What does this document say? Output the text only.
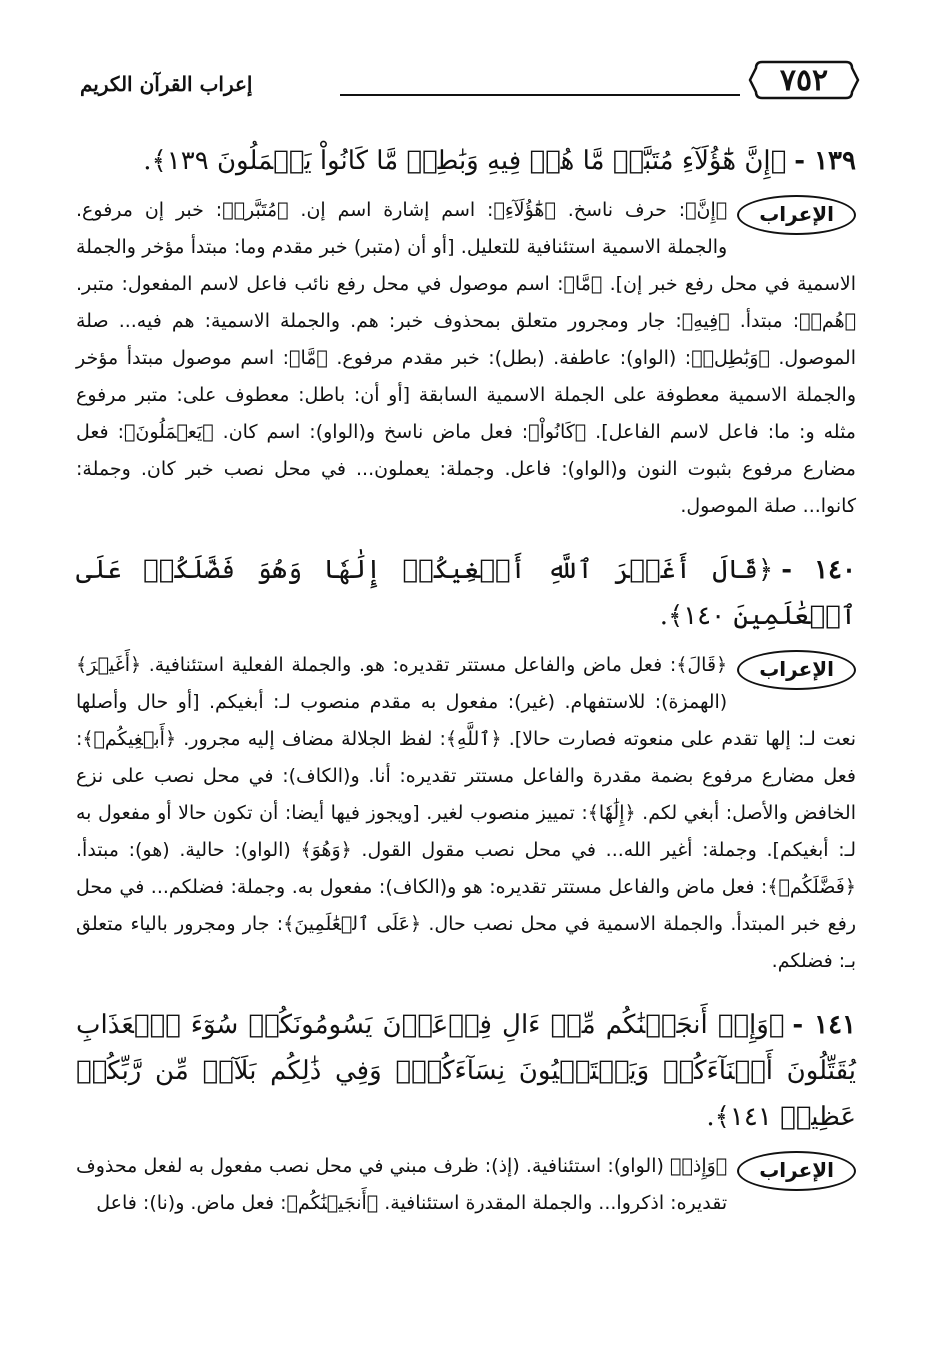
إعراب القرآن الكريم	٧٥٢
١٣٩ -﴿إِنَّ هَٰٓؤُلَآءِ مُتَبَّرٞ مَّا هُمۡ فِيهِ وَبَٰطِلٞ مَّا كَانُواْ يَعۡمَلُونَ ١٣٩﴾.
الإعراب
﴿إِنَّ﴾: حرف ناسخ. ﴿هَٰٓؤُلَآءِ﴾: اسم إشارة اسم إن. ﴿مُتَبَّرٞ﴾: خبر إن مرفوع. والجملة الاسمية استئنافية للتعليل. [أو أن (متبر) خبر مقدم وما: مبتدأ مؤخر والجملة الاسمية في محل رفع خبر إن]. ﴿مَّا﴾: اسم موصول في محل رفع نائب فاعل لاسم المفعول: متبر. ﴿هُمۡ﴾: مبتدأ. ﴿فِيهِ﴾: جار ومجرور متعلق بمحذوف خبر: هم. والجملة الاسمية: هم فيه... صلة الموصول. ﴿وَبَٰطِلٞ﴾: (الواو): عاطفة. (بطل): خبر مقدم مرفوع. ﴿مَّا﴾: اسم موصول مبتدأ مؤخر والجملة الاسمية معطوفة على الجملة الاسمية السابقة [أو أن: باطل: معطوف على: متبر مرفوع مثله و: ما: فاعل لاسم الفاعل]. ﴿كَانُواْ﴾: فعل ماض ناسخ و(الواو): اسم كان. ﴿يَعۡمَلُونَ﴾: فعل مضارع مرفوع بثبوت النون و(الواو): فاعل. وجملة: يعملون... في محل نصب خبر كان. وجملة: كانوا... صلة الموصول.
١٤٠ -﴿قَالَ أَغَيۡرَ ٱللَّهِ أَبۡغِيكُمۡ إِلَٰهٗا وَهُوَ فَضَّلَكُمۡ عَلَى ٱلۡعَٰلَمِينَ ١٤٠﴾.
الإعراب
﴿قَالَ﴾: فعل ماض والفاعل مستتر تقديره: هو. والجملة الفعلية استئنافية. ﴿أَغَيۡرَ﴾ (الهمزة): للاستفهام. (غير): مفعول به مقدم منصوب لـ: أبغيكم. [أو حال وأصلها نعت لـ: إلها تقدم على منعوته فصارت حالا]. ﴿ٱللَّهِ﴾: لفظ الجلالة مضاف إليه مجرور. ﴿أَبۡغِيكُمۡ﴾: فعل مضارع مرفوع بضمة مقدرة والفاعل مستتر تقديره: أنا. و(الكاف): في محل نصب على نزع الخافض والأصل: أبغي لكم. ﴿إِلَٰهٗا﴾: تمييز منصوب لغير. [ويجوز فيها أيضا: أن تكون حالا أو مفعول به لـ: أبغيكم]. وجملة: أغير الله... في محل نصب مقول القول. ﴿وَهُوَ﴾ (الواو): حالية. (هو): مبتدأ. ﴿فَضَّلَكُمۡ﴾: فعل ماض والفاعل مستتر تقديره: هو و(الكاف): مفعول به. وجملة: فضلكم... في محل رفع خبر المبتدأ. والجملة الاسمية في محل نصب حال. ﴿عَلَى ٱلۡعَٰلَمِينَ﴾: جار ومجرور بالياء متعلق بـ: فضلكم.
١٤١ -﴿وَإِذۡ أَنجَيۡنَٰكُم مِّنۡ ءَالِ فِرۡعَوۡنَ يَسُومُونَكُمۡ سُوٓءَ ٱلۡعَذَابِ يُقَتِّلُونَ أَبۡنَآءَكُمۡ وَيَسۡتَحۡيُونَ نِسَآءَكُمۡۚ وَفِي ذَٰلِكُم بَلَآءٞ مِّن رَّبِّكُمۡ عَظِيمٞ ١٤١﴾.
الإعراب
﴿وَإِذۡ﴾ (الواو): استئنافية. (إذ): ظرف مبني في محل نصب مفعول به لفعل محذوف تقديره: اذكروا... والجملة المقدرة استئنافية. ﴿أَنجَيۡنَٰكُم﴾: فعل ماض. و(نا): فاعل
